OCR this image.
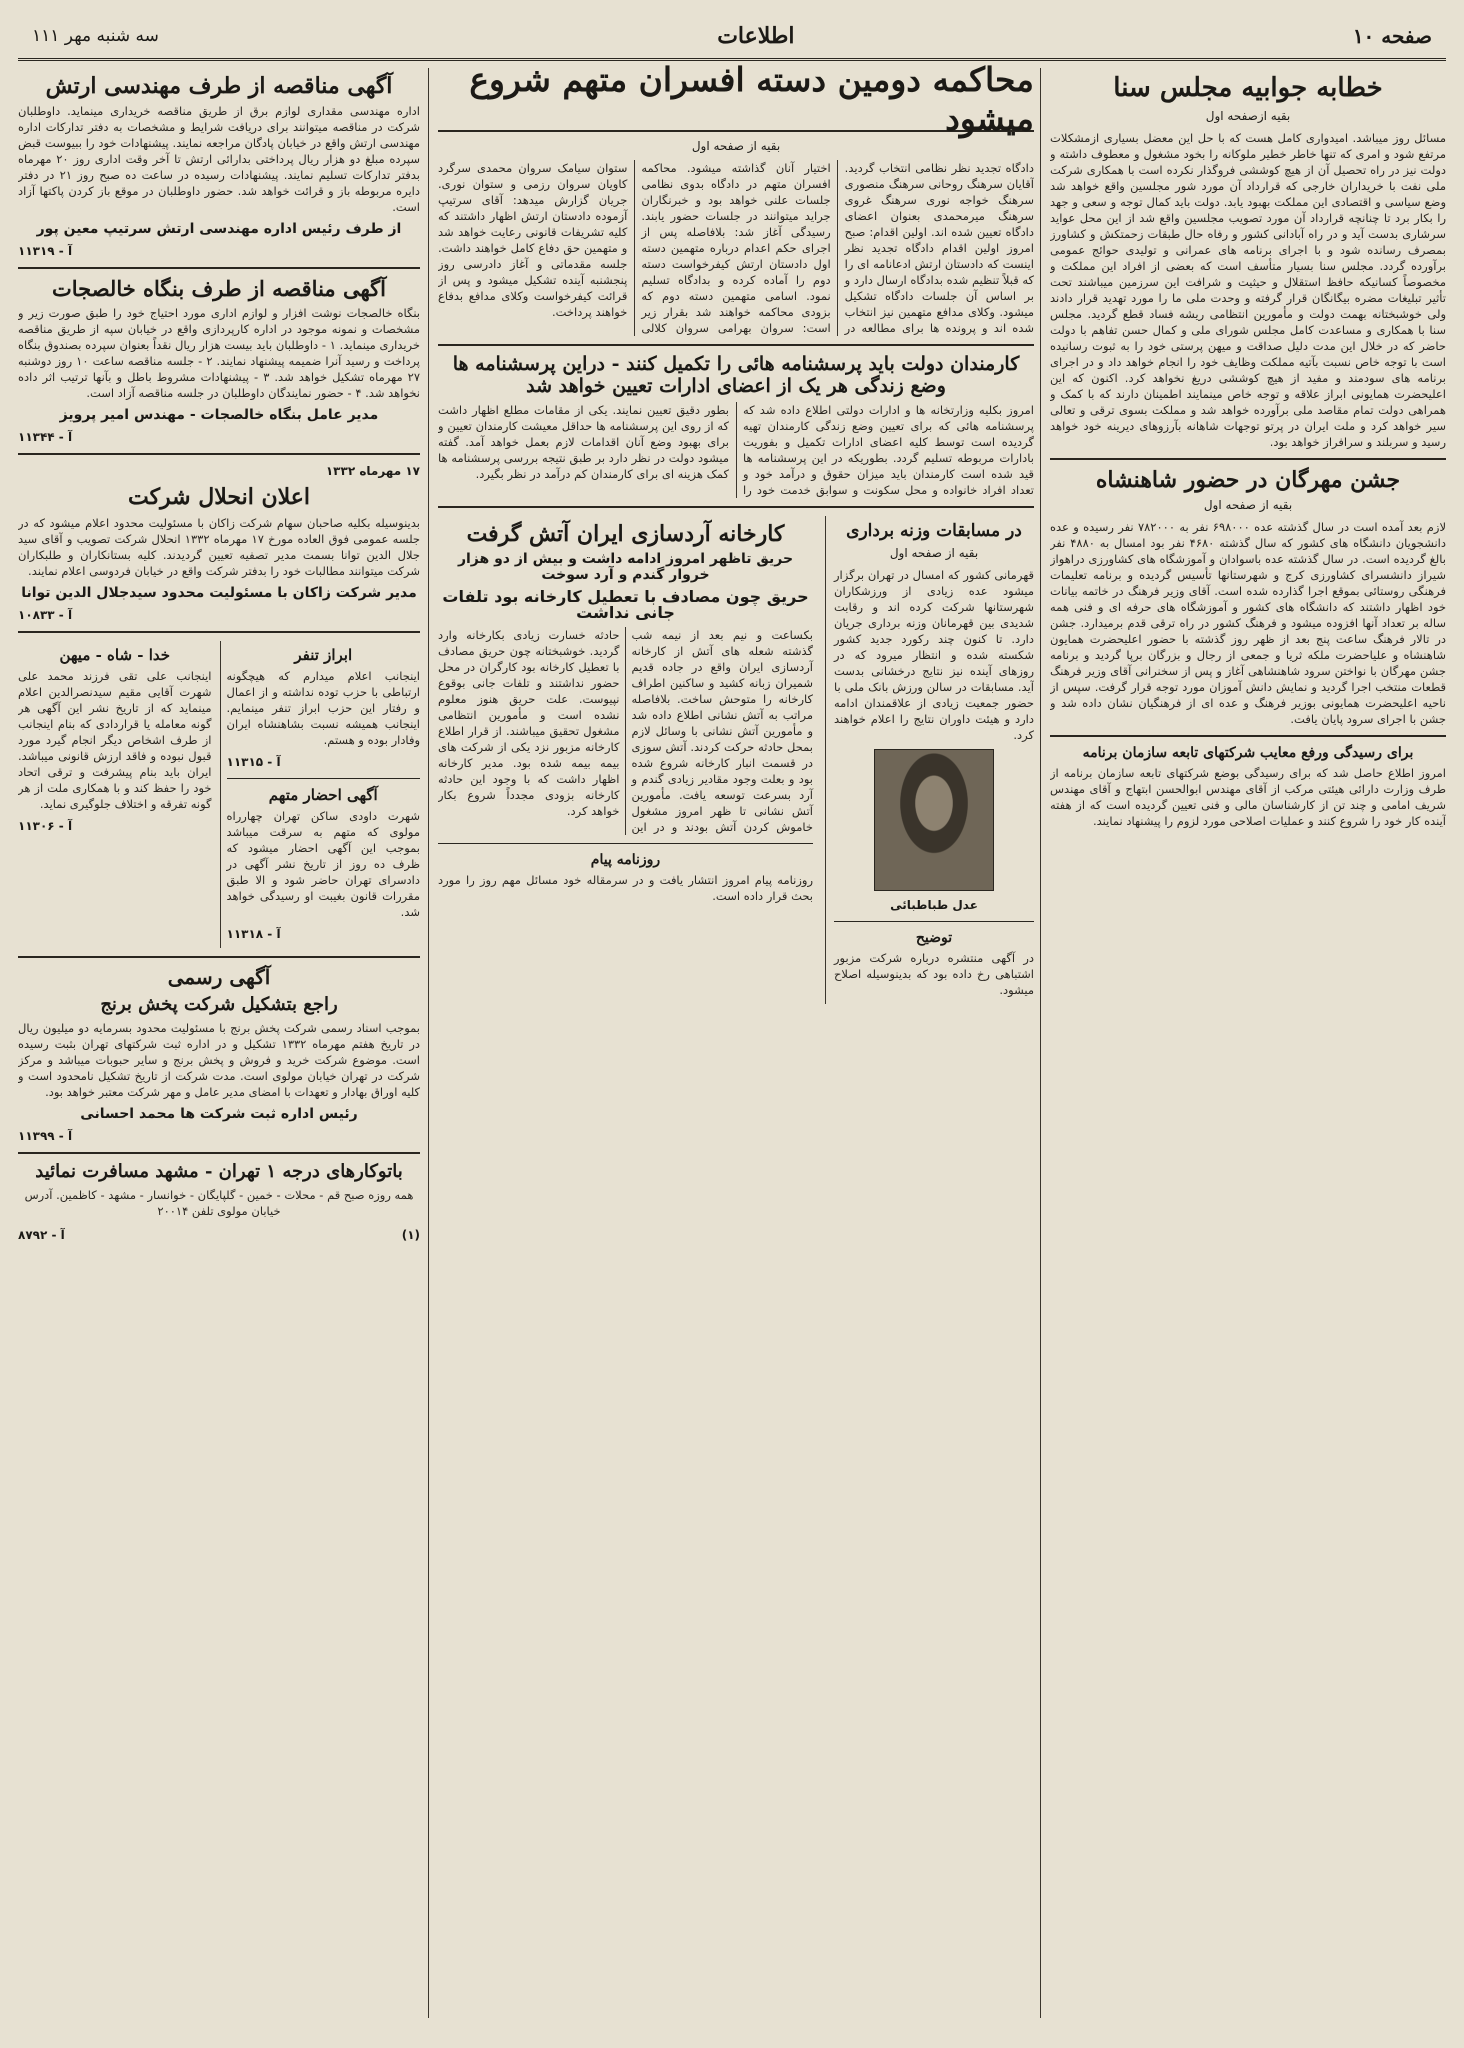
صفحه ۱۰
اطلاعات
سه شنبه مهر ۱۱۱
خطابه جوابیه مجلس سنا
بقیه ازصفحه اول

مسائل روز میباشد. امیدواری کامل هست که با حل این معضل بسیاری ازمشکلات مرتفع شود و امری که تنها خاطر خطیر ملوکانه را بخود مشغول و معطوف داشته و دولت نیز در راه تحصیل آن از هیچ کوششی فروگذار نکرده است با همکاری شرکت ملی نفت با خریداران خارجی که قرارداد آن مورد شور مجلسین واقع خواهد شد وضع سیاسی و اقتصادی این مملکت بهبود یابد. دولت باید کمال توجه و سعی و جهد را بکار برد تا چنانچه قرارداد آن مورد تصویب مجلسین واقع شد از این محل عواید سرشاری بدست آید و در راه آبادانی کشور و رفاه حال طبقات زحمتکش و کشاورز بمصرف رسانده شود و با اجرای برنامه های عمرانی و تولیدی حوائج عمومی برآورده گردد. مجلس سنا بسیار متأسف است که بعضی از افراد این مملکت و مخصوصاً کسانیکه حافظ استقلال و حیثیت و شرافت این سرزمین میباشند تحت تأثیر تبلیغات مضره بیگانگان قرار گرفته و وحدت ملی ما را مورد تهدید قرار دادند ولی خوشبختانه بهمت دولت و مأمورین انتظامی ریشه فساد قطع گردید. مجلس سنا با همکاری و مساعدت کامل مجلس شورای ملی و کمال حسن تفاهم با دولت حاضر که در خلال این مدت دلیل صداقت و میهن پرستی خود را به ثبوت رسانیده است با توجه خاص نسبت بآتیه مملکت وظایف خود را انجام خواهد داد و در اجرای برنامه های سودمند و مفید از هیچ کوششی دریغ نخواهد کرد. اکنون که این اعلیحضرت همایونی ابراز علاقه و توجه خاص مینمایند اطمینان دارند که با کمک و همراهی دولت تمام مقاصد ملی برآورده خواهد شد و مملکت بسوی ترقی و تعالی سیر خواهد کرد و ملت ایران در پرتو توجهات شاهانه بآرزوهای دیرینه خود خواهد رسید و سربلند و سرافراز خواهد بود.

جشن مهرگان در حضور شاهنشاه
بقیه از صفحه اول

لازم بعد آمده است در سال گذشته عده ۶۹۸۰۰۰ نفر به ۷۸۲۰۰۰ نفر رسیده و عده دانشجویان دانشگاه های کشور که سال گذشته ۴۶۸۰ نفر بود امسال به ۴۸۸۰ نفر بالغ گردیده است. در سال گذشته عده باسوادان و آموزشگاه های کشاورزی دراهواز شیراز دانشسرای کشاورزی کرج و شهرستانها تأسیس گردیده و برنامه تعلیمات فرهنگی روستائی بموقع اجرا گذارده شده است. آقای وزیر فرهنگ در خاتمه بیانات خود اظهار داشتند که دانشگاه های کشور و آموزشگاه های حرفه ای و فنی همه ساله بر تعداد آنها افزوده میشود و فرهنگ کشور در راه ترقی قدم برمیدارد. جشن در تالار فرهنگ ساعت پنج بعد از ظهر روز گذشته با حضور اعلیحضرت همایون شاهنشاه و علیاحضرت ملکه ثریا و جمعی از رجال و بزرگان برپا گردید و برنامه جشن مهرگان با نواختن سرود شاهنشاهی آغاز و پس از سخنرانی آقای وزیر فرهنگ قطعات منتخب اجرا گردید و نمایش دانش آموزان مورد توجه قرار گرفت. سپس از ناحیه اعلیحضرت همایونی بوزیر فرهنگ و عده ای از فرهنگیان نشان داده شد و جشن با اجرای سرود پایان یافت.

برای رسیدگی ورفع معایب شرکتهای تابعه سازمان برنامه

امروز اطلاع حاصل شد که برای رسیدگی بوضع شرکتهای تابعه سازمان برنامه از طرف وزارت دارائی هیئتی مرکب از آقای مهندس ابوالحسن ابتهاج و آقای مهندس شریف امامی و چند تن از کارشناسان مالی و فنی تعیین گردیده است که از هفته آینده کار خود را شروع کنند و عملیات اصلاحی مورد لزوم را پیشنهاد نمایند.

محاکمه دومین دسته افسران متهم شروع میشود
بقیه از صفحه اول

دادگاه تجدید نظر نظامی انتخاب گردید. آقایان سرهنگ روحانی سرهنگ منصوری سرهنگ خواجه نوری سرهنگ غروی سرهنگ میرمحمدی بعنوان اعضای دادگاه تعیین شده اند. اولین اقدام: صبح امروز اولین اقدام دادگاه تجدید نظر اینست که دادستان ارتش ادعانامه ای را که قبلاً تنظیم شده بدادگاه ارسال دارد و بر اساس آن جلسات دادگاه تشکیل میشود. وکلای مدافع متهمین نیز انتخاب شده اند و پرونده ها برای مطالعه در اختیار آنان گذاشته میشود. محاکمه افسران متهم در دادگاه بدوی نظامی جلسات علنی خواهد بود و خبرنگاران جراید میتوانند در جلسات حضور یابند. رسیدگی آغاز شد: بلافاصله پس از اجرای حکم اعدام درباره متهمین دسته اول دادستان ارتش کیفرخواست دسته دوم را آماده کرده و بدادگاه تسلیم نمود. اسامی متهمین دسته دوم که بزودی محاکمه خواهند شد بقرار زیر است: سروان بهرامی سروان کلالی ستوان سیامک سروان محمدی سرگرد کاویان سروان رزمی و ستوان نوری. جریان گزارش میدهد: آقای سرتیپ آزموده دادستان ارتش اظهار داشتند که کلیه تشریفات قانونی رعایت خواهد شد و متهمین حق دفاع کامل خواهند داشت. جلسه مقدماتی و آغاز دادرسی روز پنجشنبه آینده تشکیل میشود و پس از قرائت کیفرخواست وکلای مدافع بدفاع خواهند پرداخت.

کارمندان دولت باید پرسشنامه هائی را تکمیل کنند - دراین پرسشنامه ها وضع زندگی هر یک از اعضای ادارات تعیین خواهد شد

امروز بکلیه وزارتخانه ها و ادارات دولتی اطلاع داده شد که پرسشنامه هائی که برای تعیین وضع زندگی کارمندان تهیه گردیده است توسط کلیه اعضای ادارات تکمیل و بفوریت بادارات مربوطه تسلیم گردد. بطوریکه در این پرسشنامه ها قید شده است کارمندان باید میزان حقوق و درآمد خود و تعداد افراد خانواده و محل سکونت و سوابق خدمت خود را بطور دقیق تعیین نمایند. یکی از مقامات مطلع اظهار داشت که از روی این پرسشنامه ها حداقل معیشت کارمندان تعیین و برای بهبود وضع آنان اقدامات لازم بعمل خواهد آمد. گفته میشود دولت در نظر دارد بر طبق نتیجه بررسی پرسشنامه ها کمک هزینه ای برای کارمندان کم درآمد در نظر بگیرد.

در مسابقات وزنه برداری
بقیه از صفحه اول

قهرمانی کشور که امسال در تهران برگزار میشود عده زیادی از ورزشکاران شهرستانها شرکت کرده اند و رقابت شدیدی بین قهرمانان وزنه برداری جریان دارد. تا کنون چند رکورد جدید کشور شکسته شده و انتظار میرود که در روزهای آینده نیز نتایج درخشانی بدست آید. مسابقات در سالن ورزش بانک ملی با حضور جمعیت زیادی از علاقمندان ادامه دارد و هیئت داوران نتایج را اعلام خواهند کرد.

عدل طباطبائی
توضیح

در آگهی منتشره درباره شرکت مزبور اشتباهی رخ داده بود که بدینوسیله اصلاح میشود.

کارخانه آردسازی ایران آتش گرفت
حریق تاظهر امروز ادامه داشت و بیش از دو هزار خروار گندم و آرد سوخت
حریق چون مصادف با تعطیل کارخانه بود تلفات جانی نداشت

بکساعت و نیم بعد از نیمه شب گذشته شعله های آتش از کارخانه آردسازی ایران واقع در جاده قدیم شمیران زبانه کشید و ساکنین اطراف کارخانه را متوحش ساخت. بلافاصله مراتب به آتش نشانی اطلاع داده شد و مأمورین آتش نشانی با وسائل لازم بمحل حادثه حرکت کردند. آتش سوزی در قسمت انبار کارخانه شروع شده بود و بعلت وجود مقادیر زیادی گندم و آرد بسرعت توسعه یافت. مأمورین آتش نشانی تا ظهر امروز مشغول خاموش کردن آتش بودند و در این حادثه خسارت زیادی بکارخانه وارد گردید. خوشبختانه چون حریق مصادف با تعطیل کارخانه بود کارگران در محل حضور نداشتند و تلفات جانی بوقوع نپیوست. علت حریق هنوز معلوم نشده است و مأمورین انتظامی مشغول تحقیق میباشند. از قرار اطلاع کارخانه مزبور نزد یکی از شرکت های بیمه بیمه شده بود. مدیر کارخانه اظهار داشت که با وجود این حادثه کارخانه بزودی مجدداً شروع بکار خواهد کرد.

روزنامه پیام

روزنامه پیام امروز انتشار یافت و در سرمقاله خود مسائل مهم روز را مورد بحث قرار داده است.

آگهی مناقصه از طرف مهندسی ارتش

اداره مهندسی مقداری لوازم برق از طریق مناقصه خریداری مینماید. داوطلبان شرکت در مناقصه میتوانند برای دریافت شرایط و مشخصات به دفتر تدارکات اداره مهندسی ارتش واقع در خیابان پادگان مراجعه نمایند. پیشنهادات خود را ببیوست قبض سپرده مبلغ دو هزار ریال پرداختی بدارائی ارتش تا آخر وقت اداری روز ۲۰ مهرماه بدفتر تدارکات تسلیم نمایند. پیشنهادات رسیده در ساعت ده صبح روز ۲۱ در دفتر دایره مربوطه باز و قرائت خواهد شد. حضور داوطلبان در موقع باز کردن پاکتها آزاد است.

از طرف رئیس اداره مهندسی ارتش سرتیپ معین پور
آ - ۱۱۳۱۹
آگهی مناقصه از طرف بنگاه خالصجات

بنگاه خالصجات نوشت افزار و لوازم اداری مورد احتیاج خود را طبق صورت زیر و مشخصات و نمونه موجود در اداره کارپردازی واقع در خیابان سپه از طریق مناقصه خریداری مینماید. ۱ - داوطلبان باید بیست هزار ریال نقداً بعنوان سپرده بصندوق بنگاه پرداخت و رسید آنرا ضمیمه پیشنهاد نمایند. ۲ - جلسه مناقصه ساعت ۱۰ روز دوشنبه ۲۷ مهرماه تشکیل خواهد شد. ۳ - پیشنهادات مشروط باطل و بآنها ترتیب اثر داده نخواهد شد. ۴ - حضور نمایندگان داوطلبان در جلسه مناقصه آزاد است.

مدیر عامل بنگاه خالصجات - مهندس امیر پرویز
آ - ۱۱۳۴۴
۱۷ مهرماه ۱۳۳۲
اعلان انحلال شرکت

بدینوسیله بکلیه صاحبان سهام شرکت زاکان با مسئولیت محدود اعلام میشود که در جلسه عمومی فوق العاده مورخ ۱۷ مهرماه ۱۳۳۲ انحلال شرکت تصویب و آقای سید جلال الدین توانا بسمت مدیر تصفیه تعیین گردیدند. کلیه بستانکاران و طلبکاران شرکت میتوانند مطالبات خود را بدفتر شرکت واقع در خیابان فردوسی اعلام نمایند.

مدیر شرکت زاکان با مسئولیت محدود سیدجلال الدین توانا
آ - ۱۰۸۳۳
ابراز تنفر

اینجانب اعلام میدارم که هیچگونه ارتباطی با حزب توده نداشته و از اعمال و رفتار این حزب ابراز تنفر مینمایم. اینجانب همیشه نسبت بشاهنشاه ایران وفادار بوده و هستم.

آ - ۱۱۳۱۵
آگهی احضار متهم

شهرت داودی ساکن تهران چهارراه مولوی که متهم به سرقت میباشد بموجب این آگهی احضار میشود که ظرف ده روز از تاریخ نشر آگهی در دادسرای تهران حاضر شود و الا طبق مقررات قانون بغیبت او رسیدگی خواهد شد.

آ - ۱۱۳۱۸
خدا - شاه - میهن

اینجانب علی تقی فرزند محمد علی شهرت آقایی مقیم سیدنصرالدین اعلام مینماید که از تاریخ نشر این آگهی هر گونه معامله یا قراردادی که بنام اینجانب از طرف اشخاص دیگر انجام گیرد مورد قبول نبوده و فاقد ارزش قانونی میباشد. ایران باید بنام پیشرفت و ترقی اتحاد خود را حفظ کند و با همکاری ملت از هر گونه تفرقه و اختلاف جلوگیری نماید.

آ - ۱۱۳۰۶
آگهی رسمی
راجع بتشکیل شرکت پخش برنج

بموجب اسناد رسمی شرکت پخش برنج با مسئولیت محدود بسرمایه دو میلیون ریال در تاریخ هفتم مهرماه ۱۳۳۲ تشکیل و در اداره ثبت شرکتهای تهران بثبت رسیده است. موضوع شرکت خرید و فروش و پخش برنج و سایر حبوبات میباشد و مرکز شرکت در تهران خیابان مولوی است. مدت شرکت از تاریخ تشکیل نامحدود است و کلیه اوراق بهادار و تعهدات با امضای مدیر عامل و مهر شرکت معتبر خواهد بود.

رئیس اداره ثبت شرکت ها محمد احسانی
آ - ۱۱۳۹۹
باتوکارهای درجه ۱ تهران - مشهد مسافرت نمائید

همه روزه صبح قم - محلات - خمین - گلپایگان - خوانسار - مشهد - کاظمین. آدرس خیابان مولوی تلفن ۲۰۰۱۴

(۱)
آ - ۸۷۹۲
